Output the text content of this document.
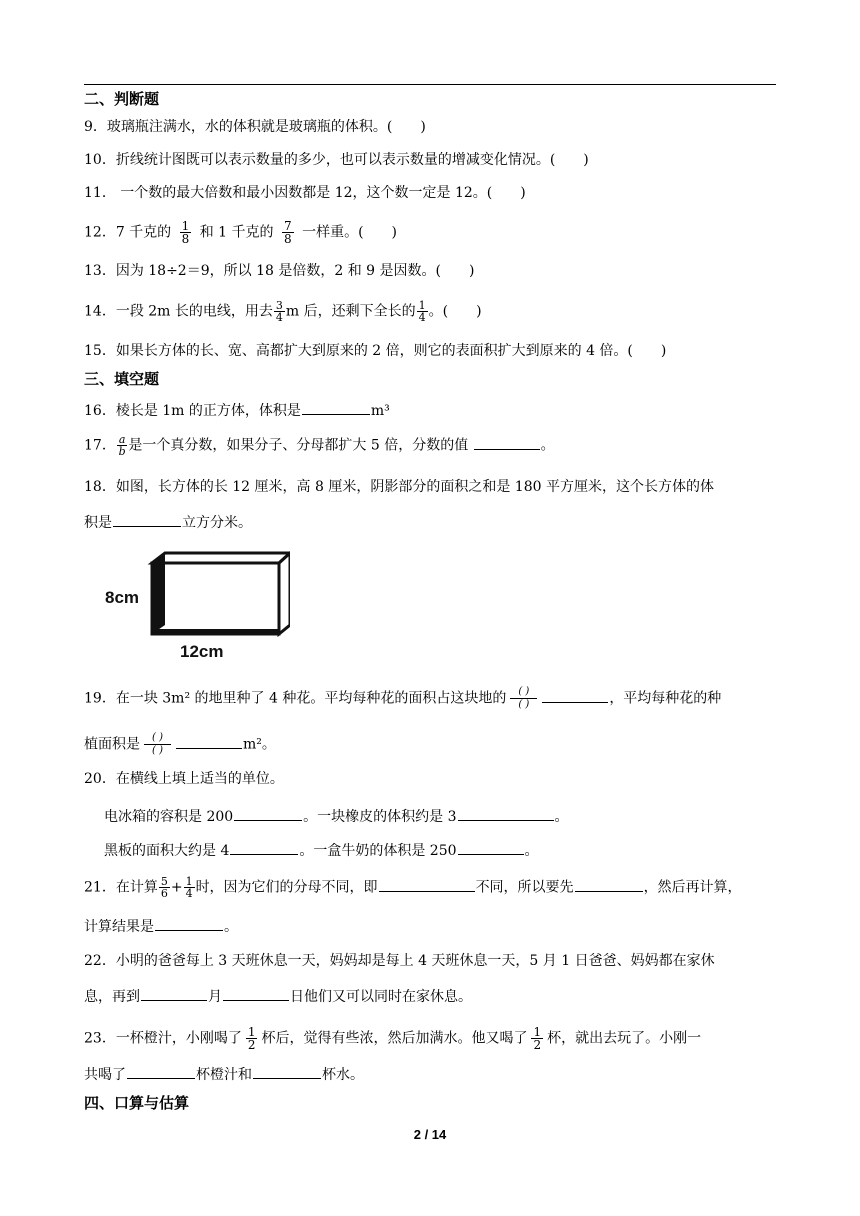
二、判断题
9．玻璃瓶注满水，水的体积就是玻璃瓶的体积。(　　)
10．折线统计图既可以表示数量的多少，也可以表示数量的增减变化情况。(　　)
11． 一个数的最大倍数和最小因数都是 12，这个数一定是 12。(　　)
12．7 千克的 $\frac{1}{8}$ 和 1 千克的 $\frac{7}{8}$ 一样重。(　　)
13．因为 18÷2＝9，所以 18 是倍数，2 和 9 是因数。(　　)
14．一段 2m 长的电线，用去 $\frac{3}{4}$ m 后，还剩下全长的 $\frac{1}{4}$ 。(　　)
15．如果长方体的长、宽、高都扩大到原来的 2 倍，则它的表面积扩大到原来的 4 倍。(　　)
三、填空题
16．棱长是 1m 的正方体，体积是	m³
17． $\frac{a}{b}$ 是一个真分数，如果分子、分母都扩大 5 倍，分数的值	。
18．如图，长方体的长 12 厘米，高 8 厘米，阴影部分的面积之和是 180 平方厘米，这个长方体的体
积是	立方分米。
8cm
12cm
19．在一块 3m² 的地里种了 4 种花。平均每种花的面积占这块地的 $\frac{( )}{( )}$	，平均每种花的种
植面积是 $\frac{( )}{( )}$	m²。
20．在横线上填上适当的单位。
电冰箱的容积是 200	。一块橡皮的体积约是 3	。
黑板的面积大约是 4	。一盒牛奶的体积是 250	。
21．在计算 $\frac{5}{6} + \frac{1}{4}$ 时，因为它们的分母不同，即	不同，所以要先	，然后再计算，
计算结果是	。
22．小明的爸爸每上 3 天班休息一天，妈妈却是每上 4 天班休息一天，5 月 1 日爸爸、妈妈都在家休
息，再到	月	日他们又可以同时在家休息。
23．一杯橙汁，小刚喝了 $\frac{1}{2}$ 杯后，觉得有些浓，然后加满水。他又喝了 $\frac{1}{2}$ 杯，就出去玩了。小刚一
共喝了	杯橙汁和	杯水。
四、口算与估算
2 / 14
